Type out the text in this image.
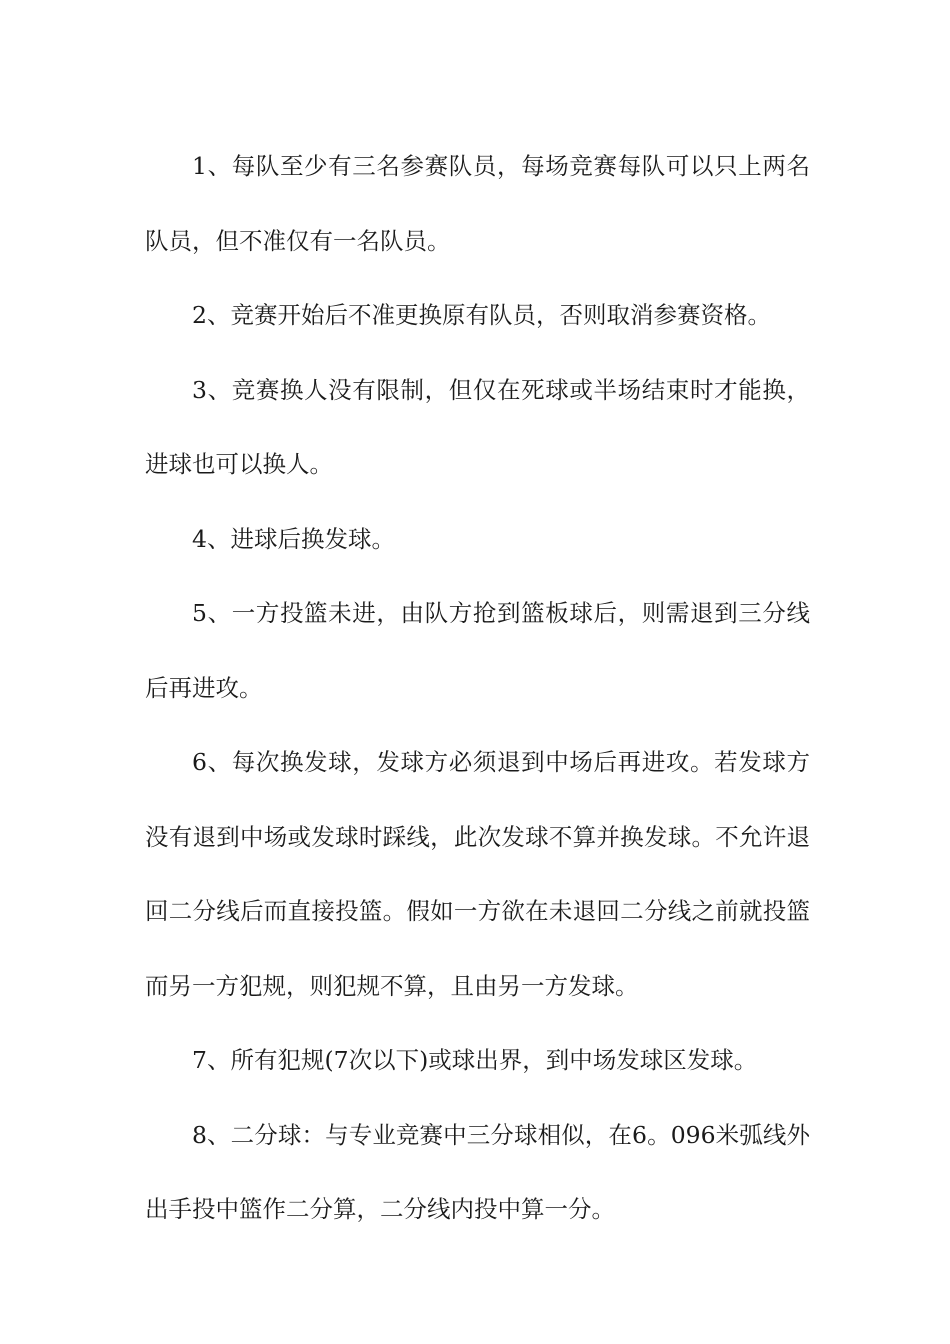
1、每队至少有三名参赛队员，每场竞赛每队可以只上两名队员，但不准仅有一名队员。

2、竞赛开始后不准更换原有队员，否则取消参赛资格。

3、竞赛换人没有限制，但仅在死球或半场结束时才能换，进球也可以换人。

4、进球后换发球。

5、一方投篮未进，由队方抢到篮板球后，则需退到三分线后再进攻。

6、每次换发球，发球方必须退到中场后再进攻。若发球方没有退到中场或发球时踩线，此次发球不算并换发球。不允许退回二分线后而直接投篮。假如一方欲在未退回二分线之前就投篮而另一方犯规，则犯规不算，且由另一方发球。

7、所有犯规(7次以下)或球出界，到中场发球区发球。

8、二分球：与专业竞赛中三分球相似，在6。096米弧线外出手投中篮作二分算，二分线内投中算一分。
